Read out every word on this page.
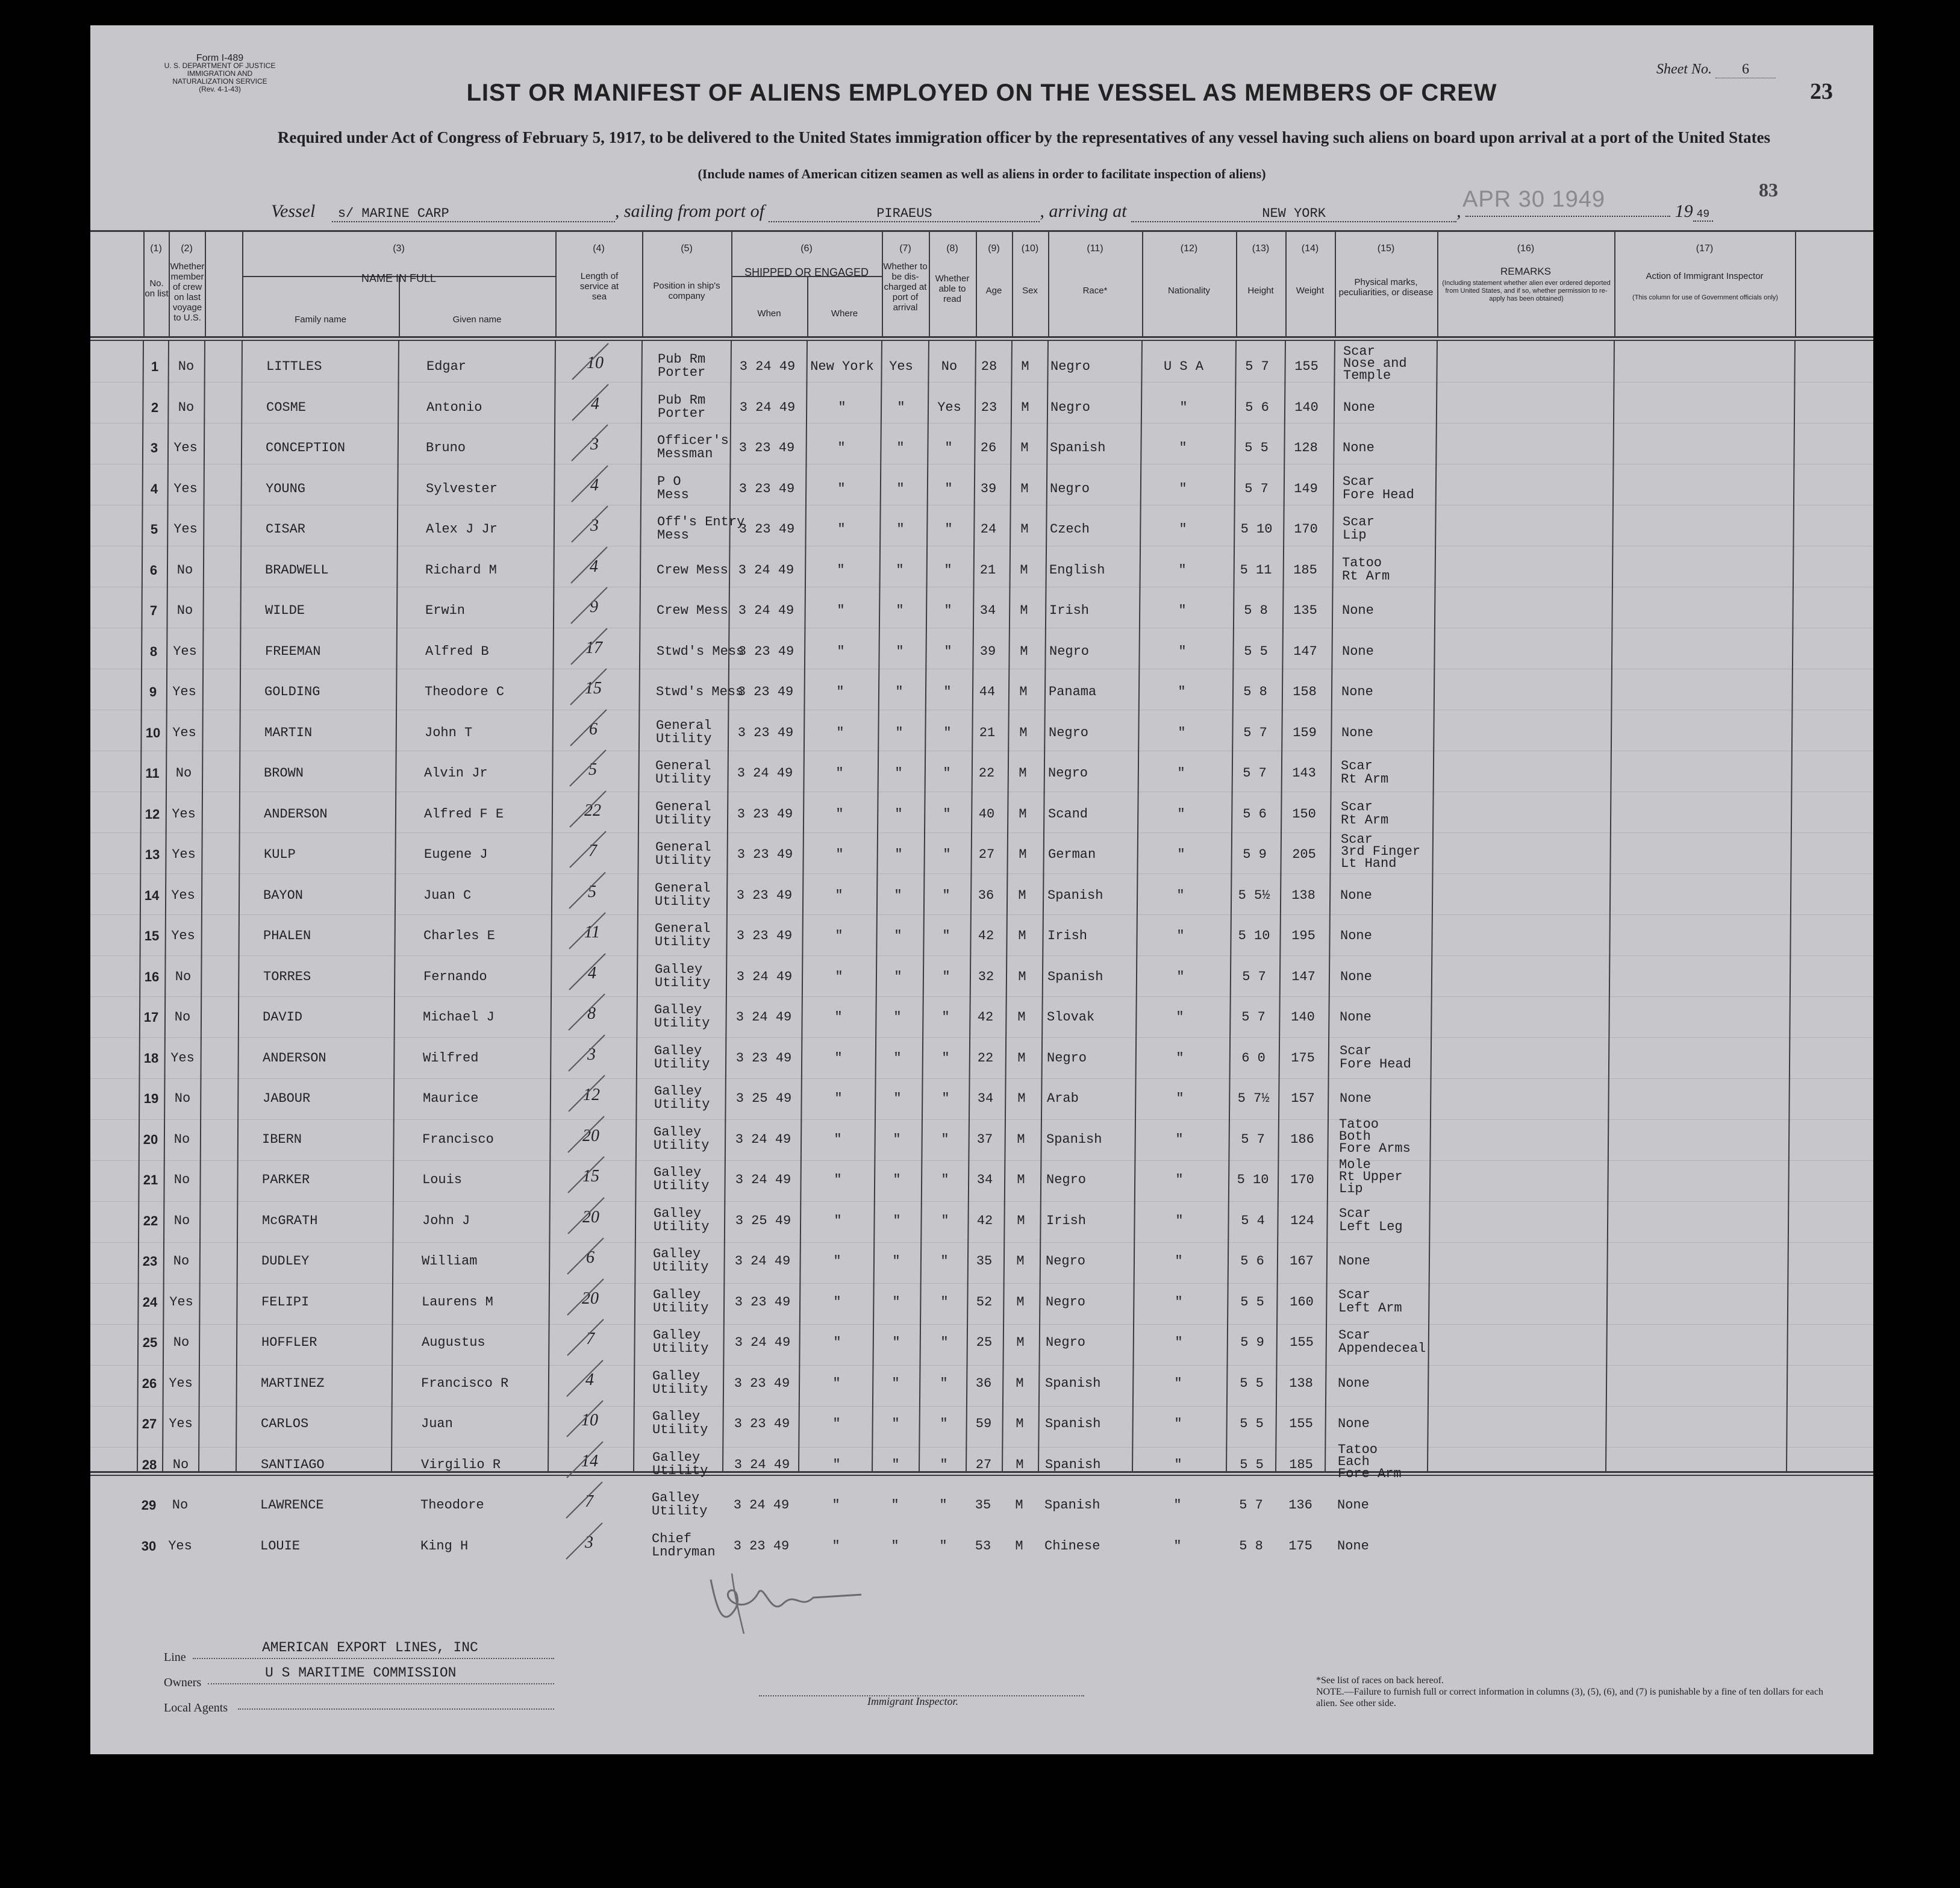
Form I-489
U. S. DEPARTMENT OF JUSTICE
IMMIGRATION AND NATURALIZATION SERVICE
(Rev. 4-1-43)
Sheet No. 6
23
LIST OR MANIFEST OF ALIENS EMPLOYED ON THE VESSEL AS MEMBERS OF CREW
Required under Act of Congress of February 5, 1917, to be delivered to the United States immigration officer by the representatives of any vessel having such aliens on board upon arrival at a port of the United States
(Include names of American citizen seamen as well as aliens in order to facilitate inspection of aliens)
Vessel s/ MARINE CARP	, sailing from port of	PIRAEUS	, arriving at	NEW YORK	,	19 49
APR 30 1949	83
(1)	(2)	(3)	(4)	(5)	(6)	(7)	(8)	(9)	(10)	(11)	(12)	(13)	(14)	(15)	(16)	(17)
No. on list
Whether member of crew on last voyage to U.S.
NAME IN FULL
Family name	Given name
Length of service at sea
Position in ship's company
SHIPPED OR ENGAGED
When	Where
Whether to be dis-charged at port of arrival
Whether able to read
Age	Sex	Race*	Nationality	Height	Weight
Physical marks, peculiarities, or disease
REMARKS
(Including statement whether alien ever ordered deported from United States, and if so, whether permission to re-apply has been obtained)
Action of Immigrant Inspector
(This column for use of Government officials only)
1	No	LITTLES	Edgar	10	Pub Rm
Porter	3 24 49	New York	Yes	No	28	M	Negro	U S A	5 7	155
Scar
Nose and
Temple
2	No	COSME	Antonio	4	Pub Rm
Porter	3 24 49	"	"	Yes	23	M	Negro	"	5 6	140	None
3	Yes	CONCEPTION	Bruno	3	Officer's
Messman	3 23 49	"	"	"	26	M	Spanish	"	5 5	128	None
4	Yes	YOUNG	Sylvester	4	P O
Mess	3 23 49	"	"	"	39	M	Negro	"	5 7	149	Scar
Fore Head
5	Yes	CISAR	Alex J Jr	3	Off's Entry
Mess	3 23 49	"	"	"	24	M	Czech	"	5 10	170	Scar
Lip
6	No	BRADWELL	Richard M	4	Crew Mess 3 24 49	"	"	"	21	M	English	"	5 11	185	Tatoo
Rt Arm
7	No	WILDE	Erwin	9	Crew Mess 3 24 49	"	"	"	34	M	Irish	"	5 8	135	None
8	Yes	FREEMAN	Alfred B	17	Stwd's Mess
3 23 49	"	"	"	39	M	Negro	"	5 5	147	None
9	Yes	GOLDING	Theodore C	15	Stwd's Mess
3 23 49	"	"	"	44	M	Panama	"	5 8	158	None
10 Yes	MARTIN	John T	6	General
Utility	3 23 49	"	"	"	21	M	Negro	"	5 7	159	None
11	No	BROWN	Alvin Jr	5	General
Utility	3 24 49	"	"	"	22	M	Negro	"	5 7	143	Scar
Rt Arm
12 Yes	ANDERSON	Alfred F E	22	General
Utility	3 23 49	"	"	"	40	M	Scand	"	5 6	150	Scar
Rt Arm
13 Yes	KULP	Eugene J	7	General
Utility	3 23 49	"	"	"	27	M	German	"	5 9	205
Scar
3rd Finger
Lt Hand
14 Yes	BAYON	Juan C	5	General
Utility	3 23 49	"	"	"	36	M	Spanish	"	5 5½	138	None
15 Yes	PHALEN	Charles E	11	General
Utility	3 23 49	"	"	"	42	M	Irish	"	5 10	195	None
16	No	TORRES	Fernando	4	Galley
Utility	3 24 49	"	"	"	32	M	Spanish	"	5 7	147	None
17	No	DAVID	Michael J	8	Galley
Utility	3 24 49	"	"	"	42	M	Slovak	"	5 7	140	None
18 Yes	ANDERSON	Wilfred	3	Galley
Utility	3 23 49	"	"	"	22	M	Negro	"	6 0	175	Scar
Fore Head
19	No	JABOUR	Maurice	12	Galley
Utility	3 25 49	"	"	"	34	M	Arab	"	5 7½	157	None
20	No	IBERN	Francisco	20	Galley
Utility	3 24 49	"	"	"	37	M	Spanish	"	5 7	186
Tatoo
Both
Fore Arms
21	No	PARKER	Louis	15	Galley
Utility	3 24 49	"	"	"	34	M	Negro	"	5 10	170
Mole
Rt Upper
Lip
22	No	McGRATH	John J	20	Galley
Utility	3 25 49	"	"	"	42	M	Irish	"	5 4	124	Scar
Left Leg
23	No	DUDLEY	William	6	Galley
Utility	3 24 49	"	"	"	35	M	Negro	"	5 6	167	None
24 Yes	FELIPI	Laurens M	20	Galley
Utility	3 23 49	"	"	"	52	M	Negro	"	5 5	160	Scar
Left Arm
25	No	HOFFLER	Augustus	7	Galley
Utility	3 24 49	"	"	"	25	M	Negro	"	5 9	155	Scar
Appendeceal
26 Yes	MARTINEZ	Francisco R	4	Galley
Utility	3 23 49	"	"	"	36	M	Spanish	"	5 5	138	None
27 Yes	CARLOS	Juan	10	Galley
Utility	3 23 49	"	"	"	59	M	Spanish	"	5 5	155	None
28	No	SANTIAGO	Virgilio R	14	Galley
Utility	3 24 49	"	"	"	27	M	Spanish	"	5 5	185
Tatoo
Each
Fore Arm
29	No	LAWRENCE	Theodore	7	Galley
Utility	3 24 49	"	"	"	35	M	Spanish	"	5 7	136	None
30 Yes	LOUIE	King H	3	Chief
Lndryman	3 23 49	"	"	"	53	M	Chinese	"	5 8	175	None
Immigrant Inspector.
Line
AMERICAN EXPORT LINES, INC
Owners
U S MARITIME COMMISSION
Local Agents
*See list of races on back hereof.
NOTE.—Failure to furnish full or correct information in columns (3), (5), (6), and (7) is punishable by a fine of ten dollars for each alien. See other side.
